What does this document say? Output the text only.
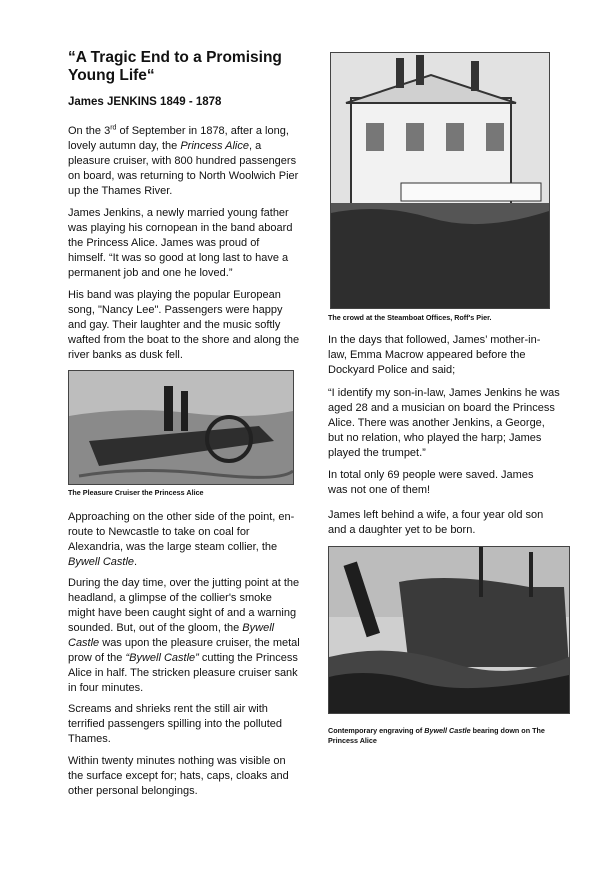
“A Tragic End to a Promising Young Life“
James JENKINS 1849 - 1878

On the 3rd of September in 1878, after a long, lovely autumn day, the Princess Alice, a pleasure cruiser, with 800 hundred passengers on board, was returning to North Woolwich Pier up the Thames River.

James Jenkins, a newly married young father was playing his cornopean in the band aboard the Princess Alice. James was proud of himself. “It was so good at long last to have a permanent job and one he loved.”

His band was playing the popular European song, "Nancy Lee". Passengers were happy and gay. Their laughter and the music softly wafted from the boat to the shore and along the river banks as dusk fell.

The Pleasure Cruiser the Princess Alice

Approaching on the other side of the point, en-route to Newcastle to take on coal for Alexandria, was the large steam collier, the Bywell Castle.

During the day time, over the jutting point at the headland, a glimpse of the collier's smoke might have been caught sight of and a warning sounded. But, out of the gloom, the Bywell Castle was upon the pleasure cruiser, the metal prow of the “Bywell Castle” cutting the Princess Alice in half. The stricken pleasure cruiser sank in four minutes.

Screams and shrieks rent the still air with terrified passengers spilling into the polluted Thames.

Within twenty minutes nothing was visible on the surface except for; hats, caps, cloaks and other personal belongings.

The crowd at the Steamboat Offices, Roff's Pier.

In the days that followed, James’ mother-in-law, Emma Macrow appeared before the Dockyard Police and said;

“I identify my son-in-law, James Jenkins he was aged 28 and a musician on board the Princess Alice. There was another Jenkins, a George, but no relation, who played the harp; James played the trumpet.”

In total only 69 people were saved. James was not one of them!

James left behind a wife, a four year old son and a daughter yet to be born.

Contemporary engraving of Bywell Castle bearing down on The Princess Alice
